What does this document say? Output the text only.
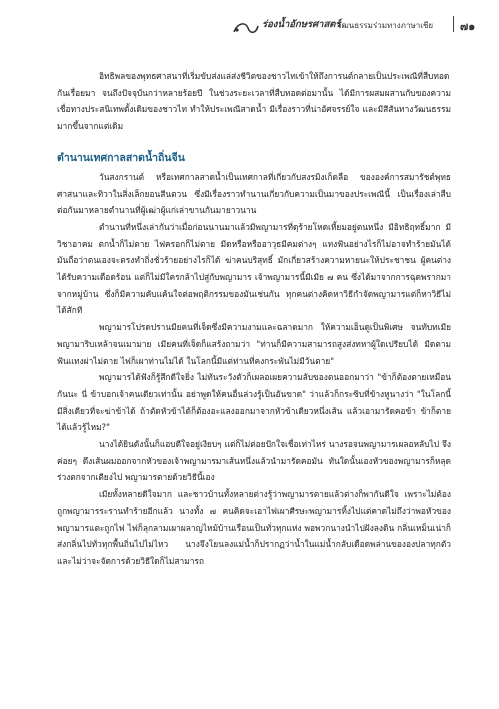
ร่องน้ำอักษรศาสตร์
วัฒนธรรมร่วมทางภาษาเชีย ๗๑

อิทธิพลของพุทธศาสนาที่เริ่มขับส่งแล่ส่งชีวิตของชาวไทเข้าให้ถึงการนต์กลายเป็นประเพณีที่สืบทอดกันเรื่อยมา จนถึงปัจจุบันกว่าหลายร้อยปี ในช่วงระยะเวลาที่สืบทอดต่อมานั้น ได้มีการผสมผสานกับของความเชื่อทางประสนิเทพดั้งเดิมของชาวไท ทำให้ประเพณีสาดน้ำ มีเรื่องราวที่น่าอัศจรรย์ใจ และมีสีสันทางวัฒนธรรมมากขึ้นจากแต่เดิม

ตำนานเทศกาลสาดน้ำถิ่นจีน

วันสงกรานต์ หรือเทศกาลสาดน้ำเป็นเทศกาลที่เกี่ยวกับสงรมิงเก็ดลือ ขององค์การสมารัชต์พุทธศาสนาและทิวาในสิ่งเล็กยอนสีนตวน ซึ่งมีเรื่องราวทำนานเกี่ยวกับความเป็นมาของประเพณีนี้ เป็นเรื่องเล่าสืบต่อกันมาหลายตำนานที่ผู้เฒ่าผู้แก่เล่าขานกันมายาวนาน

ตำนานที่หนึ่งเล่ากันว่าเมื่อก่อนนานมาแล้วมีพญามารที่ดุร้ายโหดเหี้ยมอยู่ตนหนึ่ง มีอิทธิฤทธิ์มาก มีวิชาอาคม ตกน้ำก็ไม่ตาย ไฟครอกก็ไม่ตาย มีดหรือหรืออาวุธมีคมต่างๆ แทงฟันอย่างไรก็ไม่อาจทำร้ายมันได้ มันถือว่าตนเองจะตรงทำถิ่งชั่วร้ายอย่างไรก็ได้ ฆ่าคนบริสุทธิ์ มักเกี่ยวสร้างความหายนะให้ประชาชน ผู้คนต่างได้รับความเดือดร้อน แต่ก็ไม่มีใครกล้าไปสู่กับพญามาร เจ้าพญามารนี้มีเมีย ๗ คน ซึ่งได้มาจากการฉุดพรากมาจากหมู่บ้าน ซึ่งก็มีความคับแค้นใจต่อพฤติกรรมของมันเช่นกัน ทุกคนต่างคิดหาวิธีกำจัดพญามารแต่ก็หาวิธีไม่ได้สักที

พญามารโปรดปรานมียคนที่เจ็ดซึ่งมีความงามและฉลาดมาก ให้ความเอ็นดูเป็นพิเศษ จนทับทเมียพญามาริบเหล้าจนเมามาย เมียคนที่เจ็ดก็แสร้งถามว่า "ท่านก็มีความสามารถสูงส่งทหาผู้ใดเปรียบได้ มีดตามฟันแทงผ่าไม่ตาย ไฟก็เผาท่านไม่ได้ ในโลกนี้มีแต่ท่านที่คงกระพันไม่มีวันตาย"

พญามารได้ฟังก็รู้สึกดีใจยิ่ง ไม่ทันระวังตัวก็เผลอเผยความลับของตนออกมาว่า "ข้าก็ต้องตายเหมือนกันนะ นี่ ข้าบอกเจ้าคนเดียวเท่านั้น อย่าพูดให้คนอื่นล่วงรู้เป็นอันขาด" ว่าแล้วก็กระซิบที่ข้างหูนางว่า "ในโลกนี้มีสิ่งเดียวที่จะฆ่าข้าได้ ถ้าตัดหัวข้าได้ก็ต้องอะแลงออกมาจากหัวข้าเดียวหนึ่งเส้น แล้วเอามารัดคอข้า ข้าก็ตายได้แล้วรู้ไหม?"

นางได้ยินดังนั้นก็แอบดีใจอยู่เงียบๆ แต่ก็ไม่ต่อยปักใจเชื่อเท่าไหร่ นางรอจนพญามารเผลอหลับไป จึงค่อยๆ ดึงเส้นผมออกจากหัวของเจ้าพญามารมาเส้นหนึ่งแล้วนำมารัดคอมัน ทันใดนั้นเองหัวของพญามารก็หลุดร่วงตกจากเตียงไป พญามารตายด้วยวิธีนี้เอง

เมียทั้งหลายดีใจมาก และชาวบ้านทั้งหลายต่างรู้ว่าพญามารตายแล้วต่างก็พากันดีใจ เพราะไม่ต้องถูกพญามารระรานทำร้ายอีกแล้ว นางทั้ง ๗ คนคิดจะเอาไฟเผาศีรษะพญามารทิ้งไปแต่คาดไม่ถึงว่าพอหัวของพญามารแตะถูกไฟ ไฟก็ลุกลามเผาผลาญไหม้บ้านเรือนเป็นทั่วทุกแห่ง พอพวกนางนำไปฝังลงดิน กลิ่นเหม็นเน่าก็ส่งกลิ่นไปทั่วทุกพื้นถิ่นไปไม่ไหว นางจึงโยนลงแม่น้ำก็ปรากฏว่าน้ำในแม่น้ำกลับเดือดพล่านขององปลาทุกตัว และไม่ว่าจะจัดการด้วยวิธีใดก็ไม่สามารถ
